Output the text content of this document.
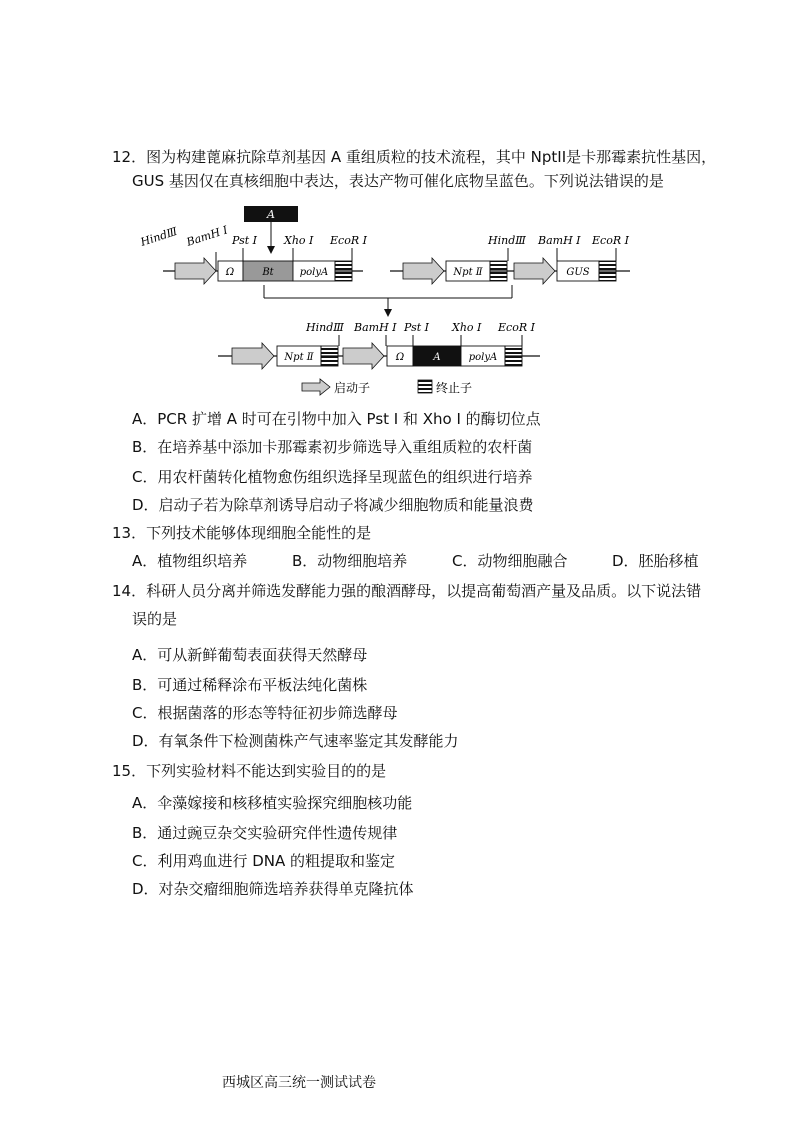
12．图为构建蓖麻抗除草剂基因 A 重组质粒的技术流程，其中 NptII是卡那霉素抗性基因，
GUS 基因仅在真核细胞中表达，表达产物可催化底物呈蓝色。下列说法错误的是
A
Ω	Bt	polyA
HindⅢ BamH Ⅰ Pst Ⅰ Xho Ⅰ EcoR Ⅰ
Npt Ⅱ	GUS
HindⅢ BamH Ⅰ EcoR Ⅰ
Npt Ⅱ	Ω	A	polyA
HindⅢ BamH Ⅰ Pst Ⅰ Xho Ⅰ EcoR Ⅰ
启动子	终止子
A．PCR 扩增 A 时可在引物中加入 Pst Ⅰ 和 Xho Ⅰ 的酶切位点
B．在培养基中添加卡那霉素初步筛选导入重组质粒的农杆菌
C．用农杆菌转化植物愈伤组织选择呈现蓝色的组织进行培养
D．启动子若为除草剂诱导启动子将减少细胞物质和能量浪费
13．下列技术能够体现细胞全能性的是
A．植物组织培养	B．动物细胞培养	C．动物细胞融合	D．胚胎移植
14．科研人员分离并筛选发酵能力强的酿酒酵母，以提高葡萄酒产量及品质。以下说法错
误的是
A．可从新鲜葡萄表面获得天然酵母
B．可通过稀释涂布平板法纯化菌株
C．根据菌落的形态等特征初步筛选酵母
D．有氧条件下检测菌株产气速率鉴定其发酵能力
15．下列实验材料不能达到实验目的的是
A．伞藻嫁接和核移植实验探究细胞核功能
B．通过豌豆杂交实验研究伴性遗传规律
C．利用鸡血进行 DNA 的粗提取和鉴定
D．对杂交瘤细胞筛选培养获得单克隆抗体
西城区高三统一测试试卷
